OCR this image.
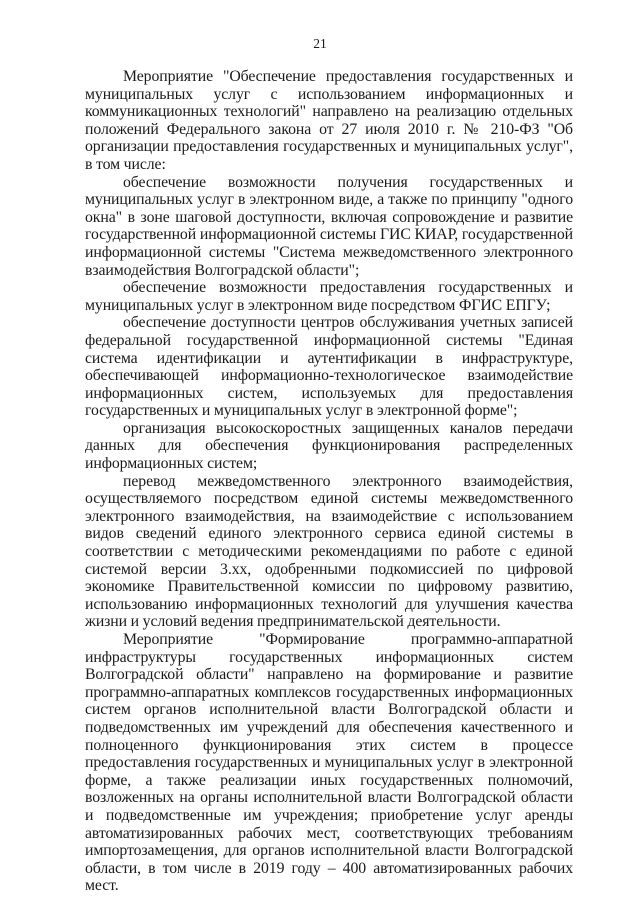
21

Мероприятие "Обеспечение предоставления государственных и муниципальных услуг с использованием информационных и коммуникационных технологий" направлено на реализацию отдельных положений Федерального закона от 27 июля 2010 г. № 210-ФЗ "Об организации предоставления государственных и муниципальных услуг", в том числе:

обеспечение возможности получения государственных и муниципальных услуг в электронном виде, а также по принципу "одного окна" в зоне шаговой доступности, включая сопровождение и развитие государственной информационной системы ГИС КИАР, государственной информационной системы "Система межведомственного электронного взаимодействия Волгоградской области";

обеспечение возможности предоставления государственных и муниципальных услуг в электронном виде посредством ФГИС ЕПГУ;

обеспечение доступности центров обслуживания учетных записей федеральной государственной информационной системы "Единая система идентификации и аутентификации в инфраструктуре, обеспечивающей информационно-технологическое взаимодействие информационных систем, используемых для предоставления государственных и муниципальных услуг в электронной форме";

организация высокоскоростных защищенных каналов передачи данных для обеспечения функционирования распределенных информационных систем;

перевод межведомственного электронного взаимодействия, осуществляемого посредством единой системы межведомственного электронного взаимодействия, на взаимодействие с использованием видов сведений единого электронного сервиса единой системы в соответствии с методическими рекомендациями по работе с единой системой версии 3.xx, одобренными подкомиссией по цифровой экономике Правительственной комиссии по цифровому развитию, использованию информационных технологий для улучшения качества жизни и условий ведения предпринимательской деятельности.

Мероприятие "Формирование программно-аппаратной инфраструктуры государственных информационных систем Волгоградской области" направлено на формирование и развитие программно-аппаратных комплексов государственных информационных систем органов исполнительной власти Волгоградской области и подведомственных им учреждений для обеспечения качественного и полноценного функционирования этих систем в процессе предоставления государственных и муниципальных услуг в электронной форме, а также реализации иных государственных полномочий, возложенных на органы исполнительной власти Волгоградской области и подведомственные им учреждения; приобретение услуг аренды автоматизированных рабочих мест, соответствующих требованиям импортозамещения, для органов исполнительной власти Волгоградской области, в том числе в 2019 году – 400 автоматизированных рабочих мест.
